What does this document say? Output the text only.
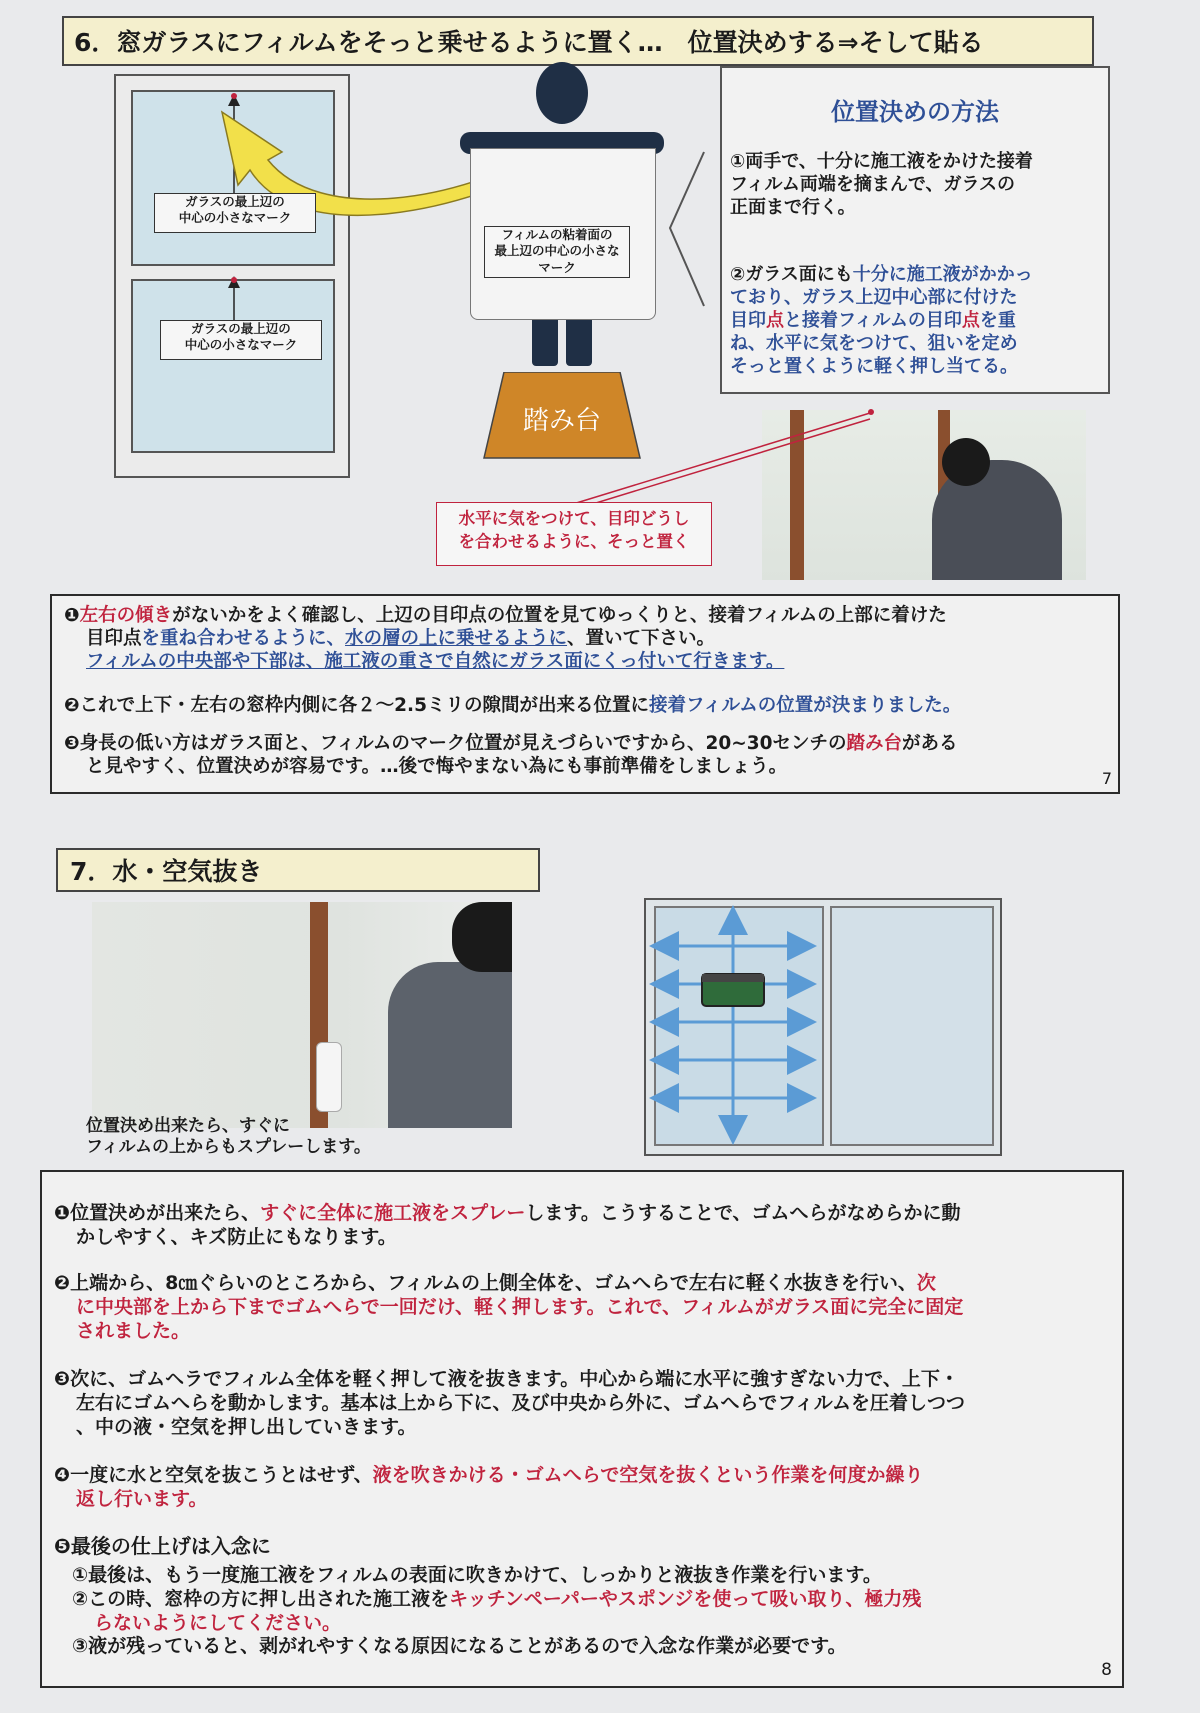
6．窓ガラスにフィルムをそっと乗せるように置く…　位置決めする⇒そして貼る
ガラスの最上辺の
中心の小さなマーク
ガラスの最上辺の
中心の小さなマーク
フィルムの粘着面の
最上辺の中心の小さな
マーク
踏み台
位置決めの方法
①両手で、十分に施工液をかけた接着
フィルム両端を摘まんで、ガラスの
正面まで行く。

②ガラス面にも十分に施工液がかかっ
ており、ガラス上辺中心部に付けた
目印点と接着フィルムの目印点を重
ね、水平に気をつけて、狙いを定め
そっと置くように軽く押し当てる。

水平に気をつけて、目印どうし
を合わせるように、そっと置く
❶左右の傾きがないかをよく確認し、上辺の目印点の位置を見てゆっくりと、接着フィルムの上部に着けた
目印点を重ね合わせるように、水の層の上に乗せるように、置いて下さい。
フィルムの中央部や下部は、施工液の重さで自然にガラス面にくっ付いて行きます。
❷これで上下・左右の窓枠内側に各２～2.5ミリの隙間が出来る位置に接着フィルムの位置が決まりました。
❸身長の低い方はガラス面と、フィルムのマーク位置が見えづらいですから、20~30センチの踏み台がある
と見やすく、位置決めが容易です。…後で悔やまない為にも事前準備をしましょう。
7
7．水・空気抜き
位置決め出来たら、すぐに
フィルムの上からもスプレーします。
❶位置決めが出来たら、すぐに全体に施工液をスプレーします。こうすることで、ゴムへらがなめらかに動
かしやすく、キズ防止にもなります。
❷上端から、8㎝ぐらいのところから、フィルムの上側全体を、ゴムへらで左右に軽く水抜きを行い、次
に中央部を上から下までゴムへらで一回だけ、軽く押します。これで、フィルムがガラス面に完全に固定
されました。
❸次に、ゴムヘラでフィルム全体を軽く押して液を抜きます。中心から端に水平に強すぎない力で、上下・
左右にゴムへらを動かします。基本は上から下に、及び中央から外に、ゴムへらでフィルムを圧着しつつ
、中の液・空気を押し出していきます。
❹一度に水と空気を抜こうとはせず、液を吹きかける・ゴムへらで空気を抜くという作業を何度か繰り
返し行います。
❺最後の仕上げは入念に
①最後は、もう一度施工液をフィルムの表面に吹きかけて、しっかりと液抜き作業を行います。
②この時、窓枠の方に押し出された施工液をキッチンペーパーやスポンジを使って吸い取り、極力残
らないようにしてください。
③液が残っていると、剥がれやすくなる原因になることがあるので入念な作業が必要です。
8
